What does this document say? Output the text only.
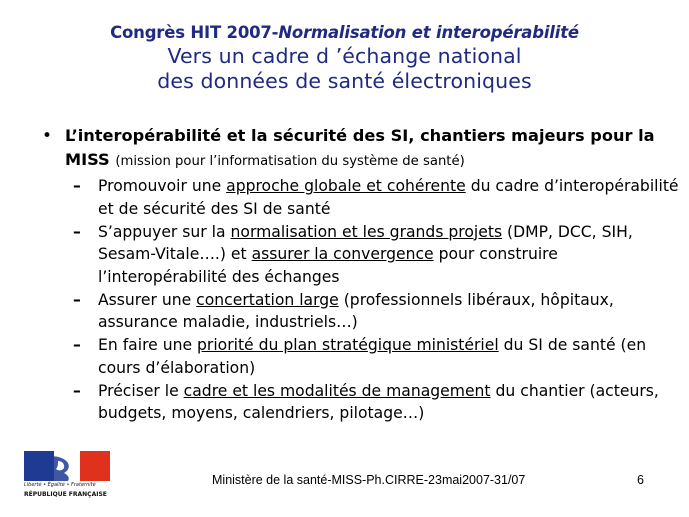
Congrès HIT 2007-Normalisation et interopérabilité
Vers un cadre d ’échange national
des données de santé électroniques
• L’interopérabilité et la sécurité des SI, chantiers majeurs pour la MISS (mission pour l’informatisation du système de santé)
– Promouvoir une approche globale et cohérente du cadre d’interopérabilité et de sécurité des SI de santé
– S’appuyer sur la normalisation et les grands projets (DMP, DCC, SIH, Sesam-Vitale….) et assurer la convergence pour construire l’interopérabilité des échanges
– Assurer une concertation large (professionnels libéraux, hôpitaux, assurance maladie, industriels…)
– En faire une priorité du plan stratégique ministériel du SI de santé (en cours d’élaboration)
– Préciser le cadre et les modalités de management du chantier (acteurs, budgets, moyens, calendriers, pilotage…)
Liberté • Égalité • Fraternité
RÉPUBLIQUE FRANÇAISE
Ministère de la santé-MISS-Ph.CIRRE-23mai2007-31/07	6
